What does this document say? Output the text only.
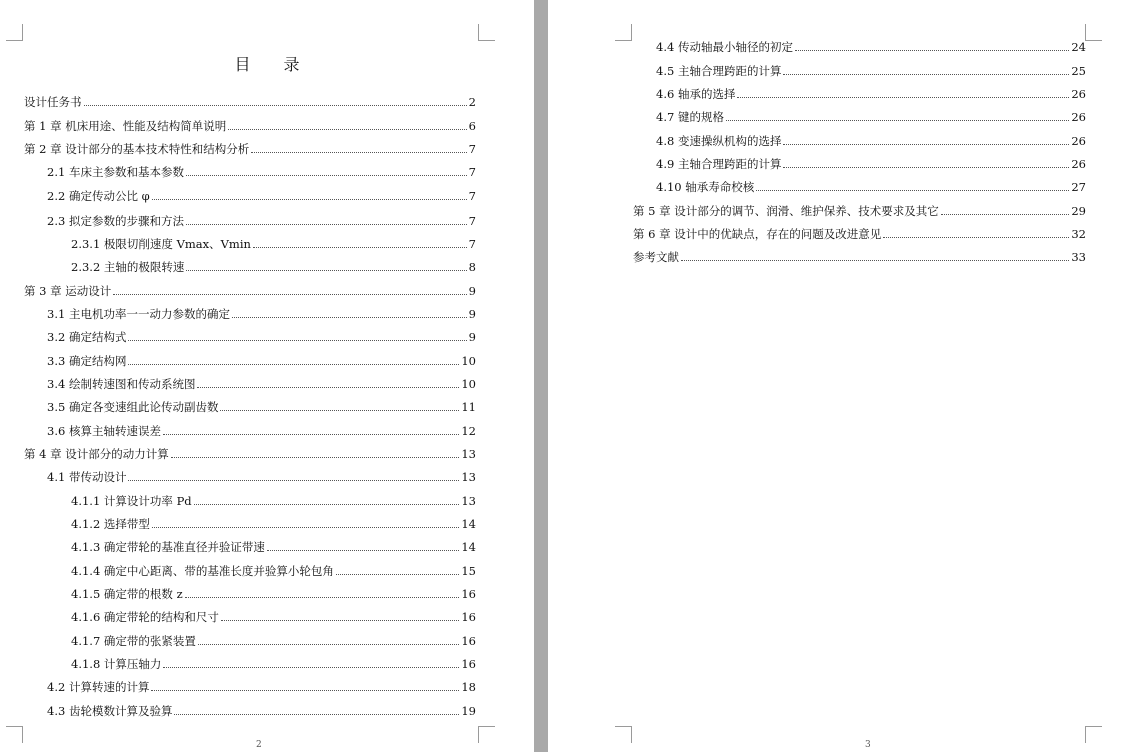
目 录
设计任务书	2
第 1 章 机床用途、性能及结构简单说明	6
第 2 章 设计部分的基本技术特性和结构分析	7
2.1 车床主参数和基本参数	7
2.2 确定传动公比 φ	7
2.3 拟定参数的步骤和方法	7
2.3.1 极限切削速度 Vmax、Vmin	7
2.3.2 主轴的极限转速	8
第 3 章 运动设计	9
3.1 主电机功率一一动力参数的确定	9
3.2 确定结构式	9
3.3 确定结构网	10
3.4 绘制转速图和传动系统图	10
3.5 确定各变速组此论传动副齿数	11
3.6 核算主轴转速误差	12
第 4 章 设计部分的动力计算	13
4.1 带传动设计	13
4.1.1 计算设计功率 Pd	13
4.1.2 选择带型	14
4.1.3 确定带轮的基准直径并验证带速	14
4.1.4 确定中心距离、带的基准长度并验算小轮包角	15
4.1.5 确定带的根数 z	16
4.1.6 确定带轮的结构和尺寸	16
4.1.7 确定带的张紧装置	16
4.1.8 计算压轴力	16
4.2 计算转速的计算	18
4.3 齿轮模数计算及验算	19
2
4.4 传动轴最小轴径的初定	24
4.5 主轴合理跨距的计算	25
4.6 轴承的选择	26
4.7 键的规格	26
4.8 变速操纵机构的选择	26
4.9 主轴合理跨距的计算	26
4.10 轴承寿命校核	27
第 5 章 设计部分的调节、润滑、维护保养、技术要求及其它	29
第 6 章 设计中的优缺点，存在的问题及改进意见	32
参考文献	33
3
